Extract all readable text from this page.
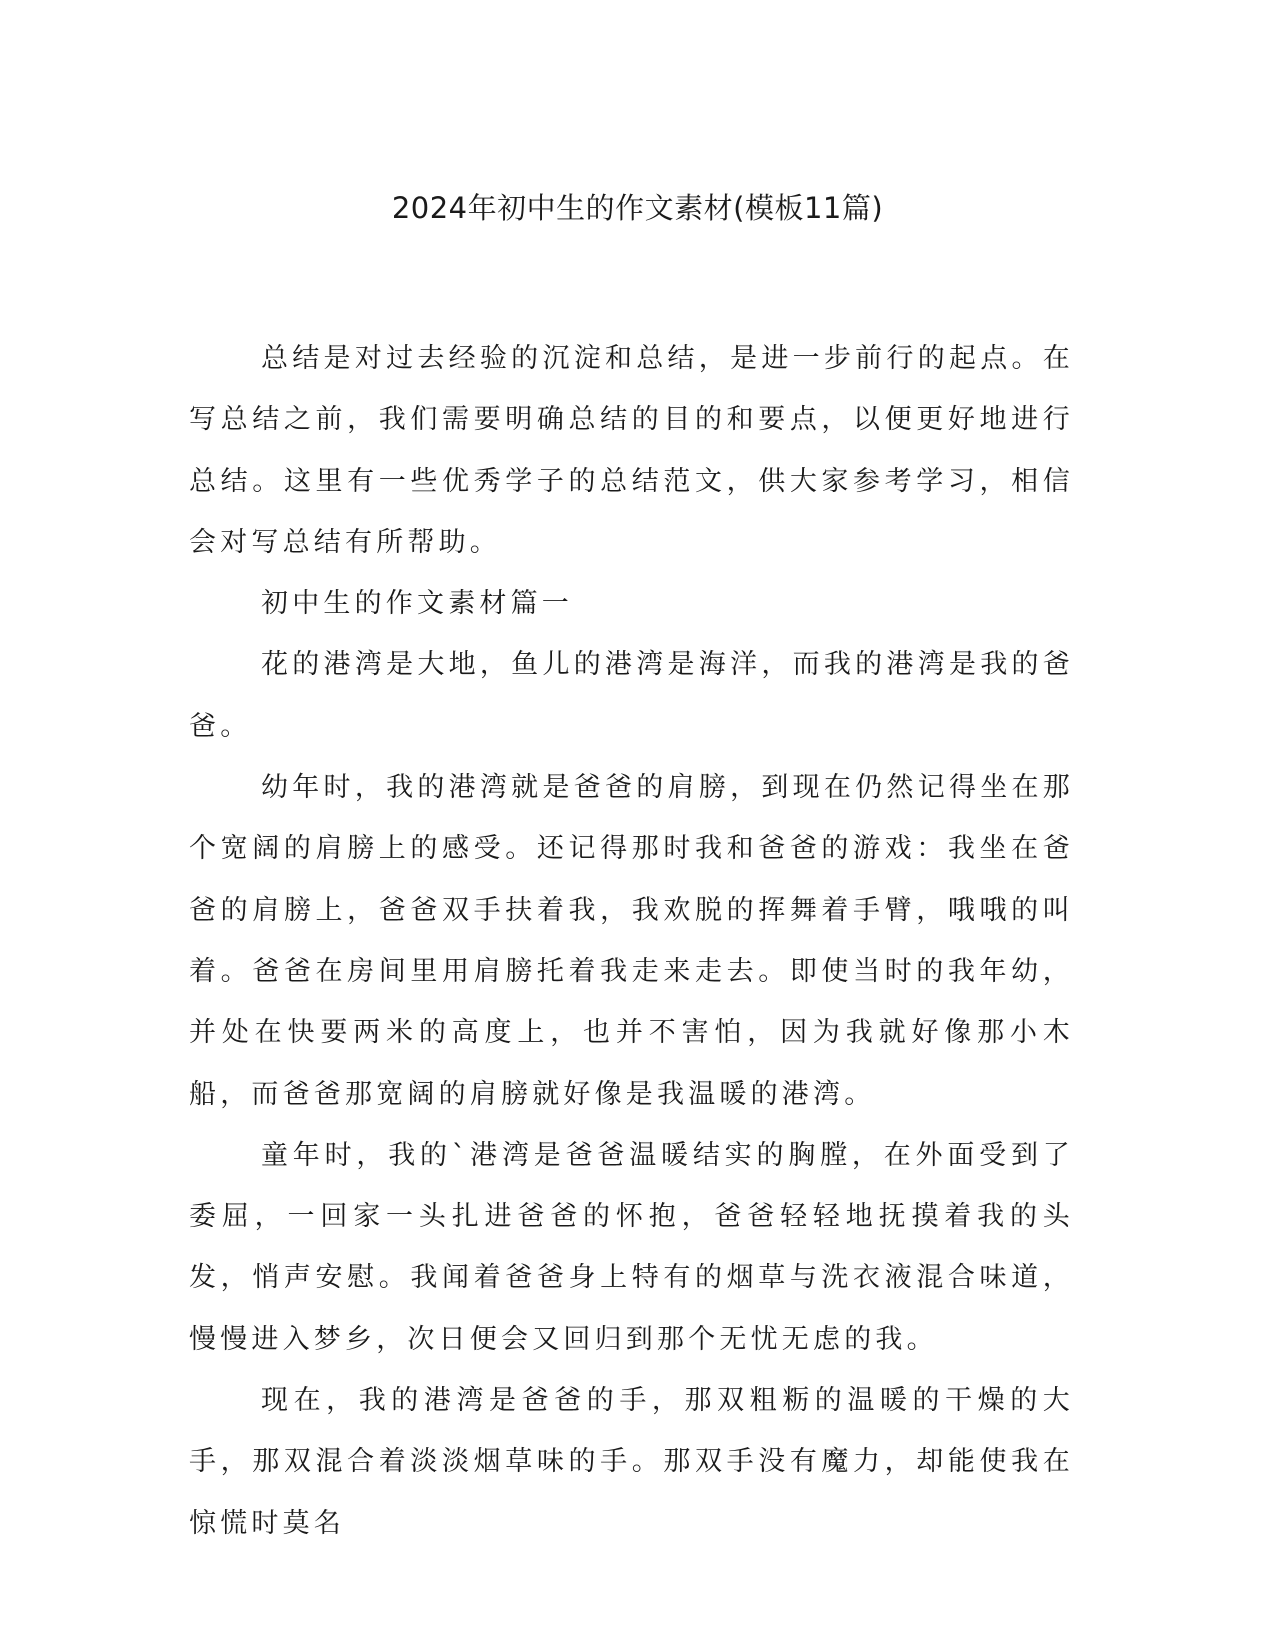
2024年初中生的作文素材(模板11篇)

总结是对过去经验的沉淀和总结，是进一步前行的起点。在写总结之前，我们需要明确总结的目的和要点，以便更好地进行总结。这里有一些优秀学子的总结范文，供大家参考学习，相信会对写总结有所帮助。

初中生的作文素材篇一

花的港湾是大地，鱼儿的港湾是海洋，而我的港湾是我的爸爸。

幼年时，我的港湾就是爸爸的肩膀，到现在仍然记得坐在那个宽阔的肩膀上的感受。还记得那时我和爸爸的游戏：我坐在爸爸的肩膀上，爸爸双手扶着我，我欢脱的挥舞着手臂，哦哦的叫着。爸爸在房间里用肩膀托着我走来走去。即使当时的我年幼，并处在快要两米的高度上，也并不害怕，因为我就好像那小木船，而爸爸那宽阔的肩膀就好像是我温暖的港湾。

童年时，我的`港湾是爸爸温暖结实的胸膛，在外面受到了委屈，一回家一头扎进爸爸的怀抱，爸爸轻轻地抚摸着我的头发，悄声安慰。我闻着爸爸身上特有的烟草与洗衣液混合味道，慢慢进入梦乡，次日便会又回归到那个无忧无虑的我。

现在，我的港湾是爸爸的手，那双粗粝的温暖的干燥的大手，那双混合着淡淡烟草味的手。那双手没有魔力，却能使我在惊慌时莫名
